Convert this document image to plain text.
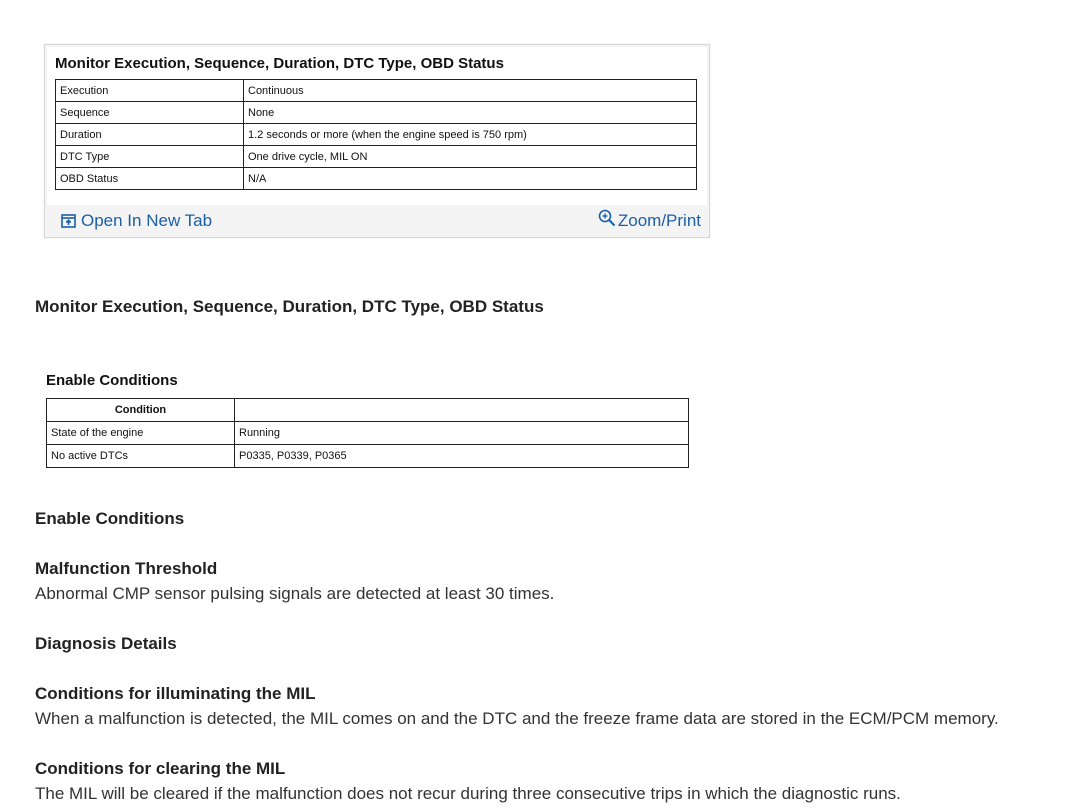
Monitor Execution, Sequence, Duration, DTC Type, OBD Status
Execution	Continuous
Sequence	None
Duration	1.2 seconds or more (when the engine speed is 750 rpm)
DTC Type	One drive cycle, MIL ON
OBD Status	N/A
Open In New Tab	Zoom/Print
Monitor Execution, Sequence, Duration, DTC Type, OBD Status
Enable Conditions
Condition	
State of the engine	Running
No active DTCs	P0335, P0339, P0365
Enable Conditions
Malfunction Threshold
Abnormal CMP sensor pulsing signals are detected at least 30 times.
Diagnosis Details
Conditions for illuminating the MIL
When a malfunction is detected, the MIL comes on and the DTC and the freeze frame data are stored in the ECM/PCM memory.
Conditions for clearing the MIL
The MIL will be cleared if the malfunction does not recur during three consecutive trips in which the diagnostic runs.
